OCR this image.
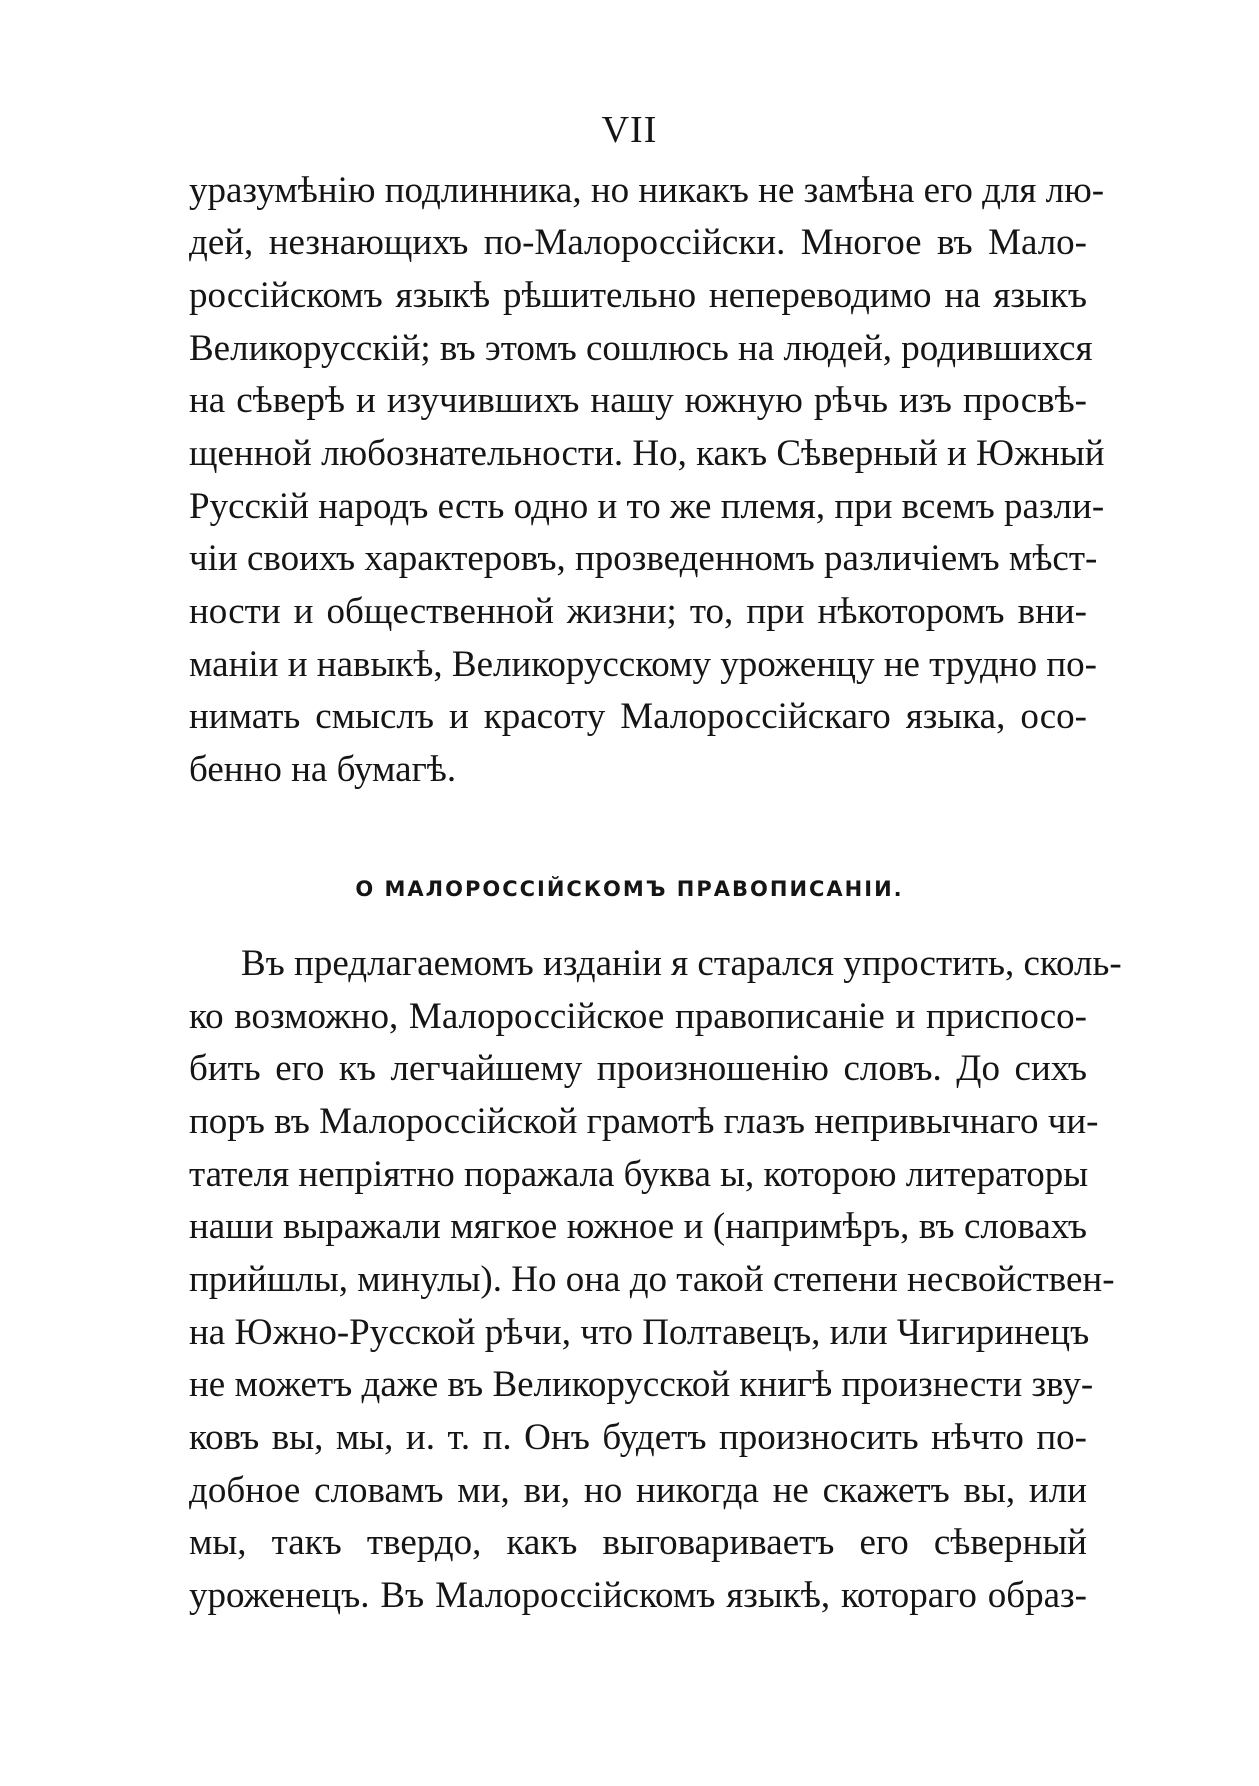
VII
уразумѣнію подлинника, но никакъ не замѣна его для лю-
дей, незнающихъ по-Малороссійски. Многое въ Мало-
россійскомъ языкѣ рѣшительно непереводимо на языкъ
Великорусскій; въ этомъ сошлюсь на людей, родившихся
на сѣверѣ и изучившихъ нашу южную рѣчь изъ просвѣ-
щенной любознательности. Но, какъ Сѣверный и Южный
Русскій народъ есть одно и то же племя, при всемъ разли-
чіи своихъ характеровъ, прозведенномъ различіемъ мѣст-
ности и общественной жизни; то, при нѣкоторомъ вни-
маніи и навыкѣ, Великорусскому уроженцу не трудно по-
нимать смыслъ и красоту Малороссійскаго языка, осо-
бенно на бумагѣ.
О МАЛОРОССІЙСКОМЪ ПРАВОПИСАНІИ.
Въ предлагаемомъ изданіи я старался упростить, сколь-
ко возможно, Малороссійское правописаніе и приспосо-
бить его къ легчайшему произношенію словъ. До сихъ
поръ въ Малороссійской грамотѣ глазъ непривычнаго чи-
тателя непріятно поражала буква ы, которою литераторы
наши выражали мягкое южное и (напримѣръ, въ словахъ
прийшлы, минулы). Но она до такой степени несвойствен-
на Южно-Русской рѣчи, что Полтавецъ, или Чигиринецъ
не можетъ даже въ Великорусской книгѣ произнести зву-
ковъ вы, мы, и. т. п. Онъ будетъ произносить нѣчто по-
добное словамъ ми, ви, но никогда не скажетъ вы, или
мы, такъ твердо, какъ выговариваетъ его сѣверный
уроженецъ. Въ Малороссійскомъ языкѣ, котораго образ-
